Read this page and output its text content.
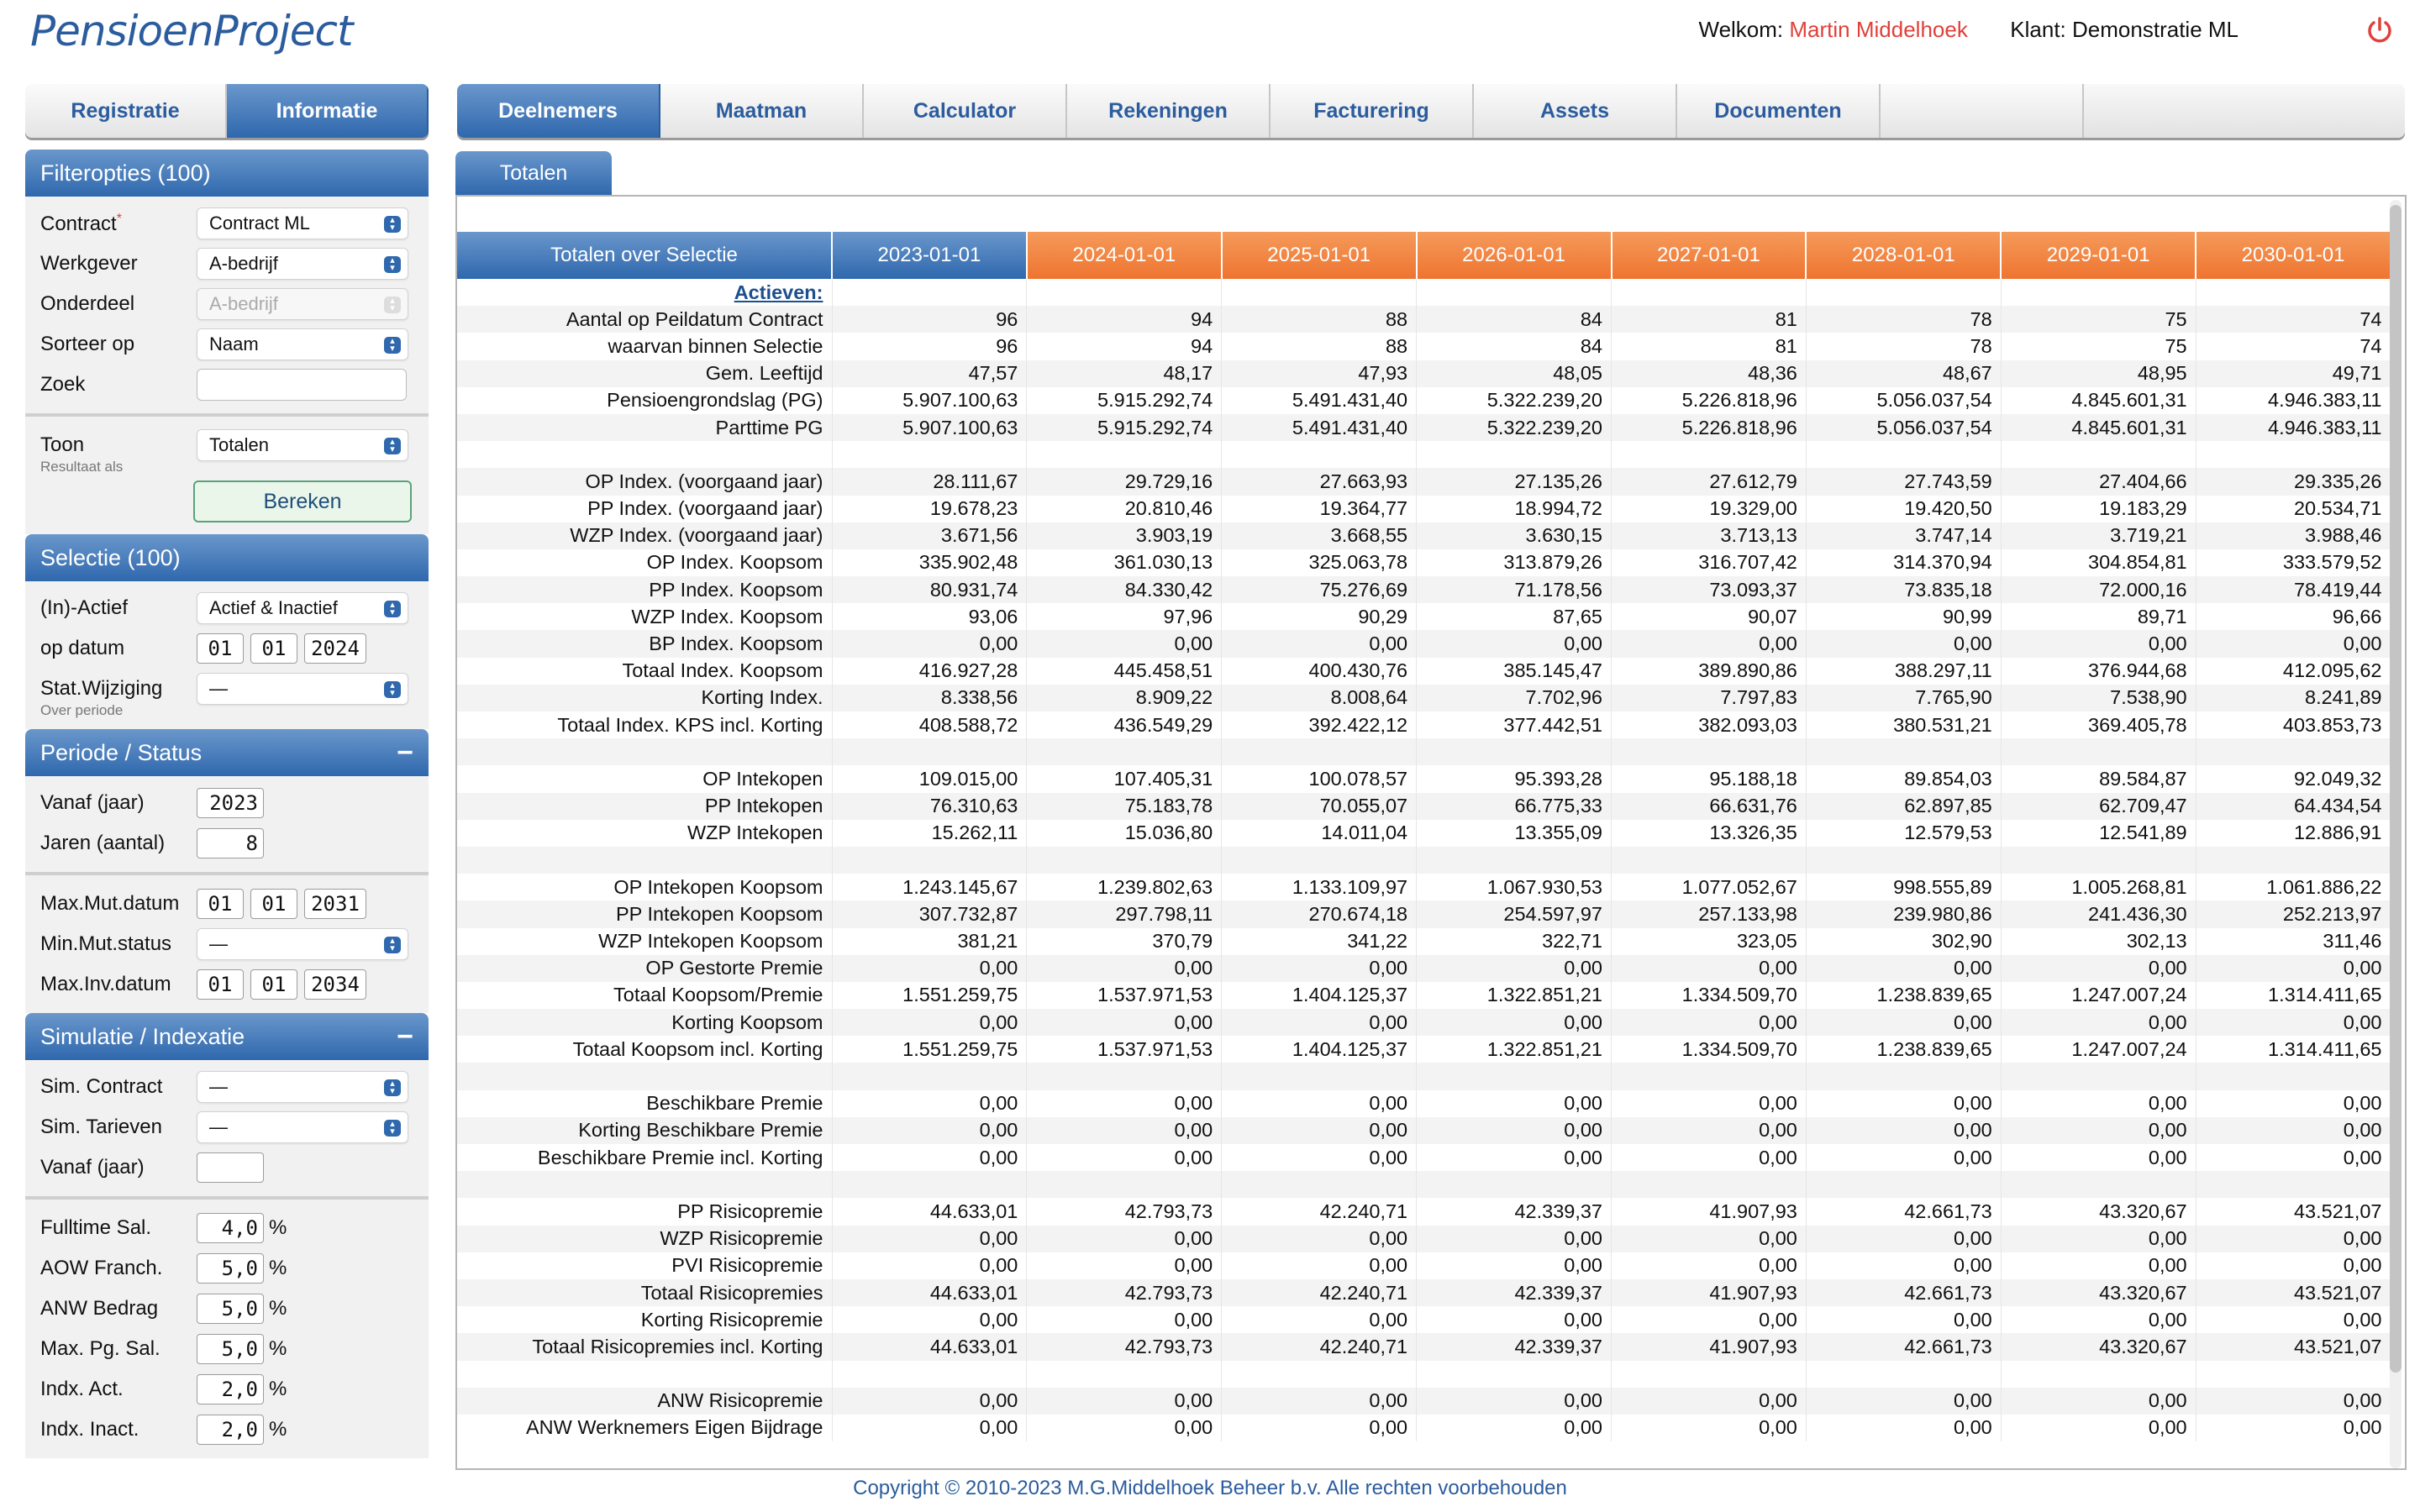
PensioenProject	Welkom: Martin Middelhoek Klant: Demonstratie ML
Registratie	Informatie	Deelnemers	Maatman	Calculator	Rekeningen	Facturering	Assets	Documenten
Filteropties (100)
Contract*	Contract ML	▴
▾
Werkgever	A-bedrijf	▴
▾
Onderdeel	A-bedrijf	▴
▾
Sorteer op	Naam	▴
▾
Zoek
Toon	Totalen	▴
▾
Resultaat als
Bereken
Selectie (100)
(In)-Actief	Actief & Inactief	▴
▾
op datum	01	01	2024
Stat.Wijziging	—	▴
▾
Over periode
Periode / Status	−
Vanaf (jaar)	2023
Jaren (aantal)	8
Max.Mut.datum	01	01	2031
Min.Mut.status	—	▴
▾
Max.Inv.datum	01	01	2034
Simulatie / Indexatie	−
Sim. Contract	—	▴
▾
Sim. Tarieven	—	▴
▾
Vanaf (jaar)
Fulltime Sal.	4,0 %
AOW Franch.	5,0 %
ANW Bedrag	5,0 %
Max. Pg. Sal.	5,0 %
Indx. Act.	2,0 %
Indx. Inact.	2,0 %
Totalen
Totalen over Selectie	2023-01-01	2024-01-01	2025-01-01	2026-01-01	2027-01-01	2028-01-01	2029-01-01	2030-01-01
Actieven:								
Aantal op Peildatum Contract	96	94	88	84	81	78	75	74
waarvan binnen Selectie	96	94	88	84	81	78	75	74
Gem. Leeftijd	47,57	48,17	47,93	48,05	48,36	48,67	48,95	49,71
Pensioengrondslag (PG)	5.907.100,63	5.915.292,74	5.491.431,40	5.322.239,20	5.226.818,96	5.056.037,54	4.845.601,31	4.946.383,11
Parttime PG	5.907.100,63	5.915.292,74	5.491.431,40	5.322.239,20	5.226.818,96	5.056.037,54	4.845.601,31	4.946.383,11

OP Index. (voorgaand jaar)	28.111,67	29.729,16	27.663,93	27.135,26	27.612,79	27.743,59	27.404,66	29.335,26
PP Index. (voorgaand jaar)	19.678,23	20.810,46	19.364,77	18.994,72	19.329,00	19.420,50	19.183,29	20.534,71
WZP Index. (voorgaand jaar)	3.671,56	3.903,19	3.668,55	3.630,15	3.713,13	3.747,14	3.719,21	3.988,46
OP Index. Koopsom	335.902,48	361.030,13	325.063,78	313.879,26	316.707,42	314.370,94	304.854,81	333.579,52
PP Index. Koopsom	80.931,74	84.330,42	75.276,69	71.178,56	73.093,37	73.835,18	72.000,16	78.419,44
WZP Index. Koopsom	93,06	97,96	90,29	87,65	90,07	90,99	89,71	96,66
BP Index. Koopsom	0,00	0,00	0,00	0,00	0,00	0,00	0,00	0,00
Totaal Index. Koopsom	416.927,28	445.458,51	400.430,76	385.145,47	389.890,86	388.297,11	376.944,68	412.095,62
Korting Index.	8.338,56	8.909,22	8.008,64	7.702,96	7.797,83	7.765,90	7.538,90	8.241,89
Totaal Index. KPS incl. Korting	408.588,72	436.549,29	392.422,12	377.442,51	382.093,03	380.531,21	369.405,78	403.853,73

OP Intekopen	109.015,00	107.405,31	100.078,57	95.393,28	95.188,18	89.854,03	89.584,87	92.049,32
PP Intekopen	76.310,63	75.183,78	70.055,07	66.775,33	66.631,76	62.897,85	62.709,47	64.434,54
WZP Intekopen	15.262,11	15.036,80	14.011,04	13.355,09	13.326,35	12.579,53	12.541,89	12.886,91

OP Intekopen Koopsom	1.243.145,67	1.239.802,63	1.133.109,97	1.067.930,53	1.077.052,67	998.555,89	1.005.268,81	1.061.886,22
PP Intekopen Koopsom	307.732,87	297.798,11	270.674,18	254.597,97	257.133,98	239.980,86	241.436,30	252.213,97
WZP Intekopen Koopsom	381,21	370,79	341,22	322,71	323,05	302,90	302,13	311,46
OP Gestorte Premie	0,00	0,00	0,00	0,00	0,00	0,00	0,00	0,00
Totaal Koopsom/Premie	1.551.259,75	1.537.971,53	1.404.125,37	1.322.851,21	1.334.509,70	1.238.839,65	1.247.007,24	1.314.411,65
Korting Koopsom	0,00	0,00	0,00	0,00	0,00	0,00	0,00	0,00
Totaal Koopsom incl. Korting	1.551.259,75	1.537.971,53	1.404.125,37	1.322.851,21	1.334.509,70	1.238.839,65	1.247.007,24	1.314.411,65

Beschikbare Premie	0,00	0,00	0,00	0,00	0,00	0,00	0,00	0,00
Korting Beschikbare Premie	0,00	0,00	0,00	0,00	0,00	0,00	0,00	0,00
Beschikbare Premie incl. Korting	0,00	0,00	0,00	0,00	0,00	0,00	0,00	0,00

PP Risicopremie	44.633,01	42.793,73	42.240,71	42.339,37	41.907,93	42.661,73	43.320,67	43.521,07
WZP Risicopremie	0,00	0,00	0,00	0,00	0,00	0,00	0,00	0,00
PVI Risicopremie	0,00	0,00	0,00	0,00	0,00	0,00	0,00	0,00
Totaal Risicopremies	44.633,01	42.793,73	42.240,71	42.339,37	41.907,93	42.661,73	43.320,67	43.521,07
Korting Risicopremie	0,00	0,00	0,00	0,00	0,00	0,00	0,00	0,00
Totaal Risicopremies incl. Korting	44.633,01	42.793,73	42.240,71	42.339,37	41.907,93	42.661,73	43.320,67	43.521,07

ANW Risicopremie	0,00	0,00	0,00	0,00	0,00	0,00	0,00	0,00
ANW Werknemers Eigen Bijdrage	0,00	0,00	0,00	0,00	0,00	0,00	0,00	0,00
Copyright © 2010-2023 M.G.Middelhoek Beheer b.v. Alle rechten voorbehouden
